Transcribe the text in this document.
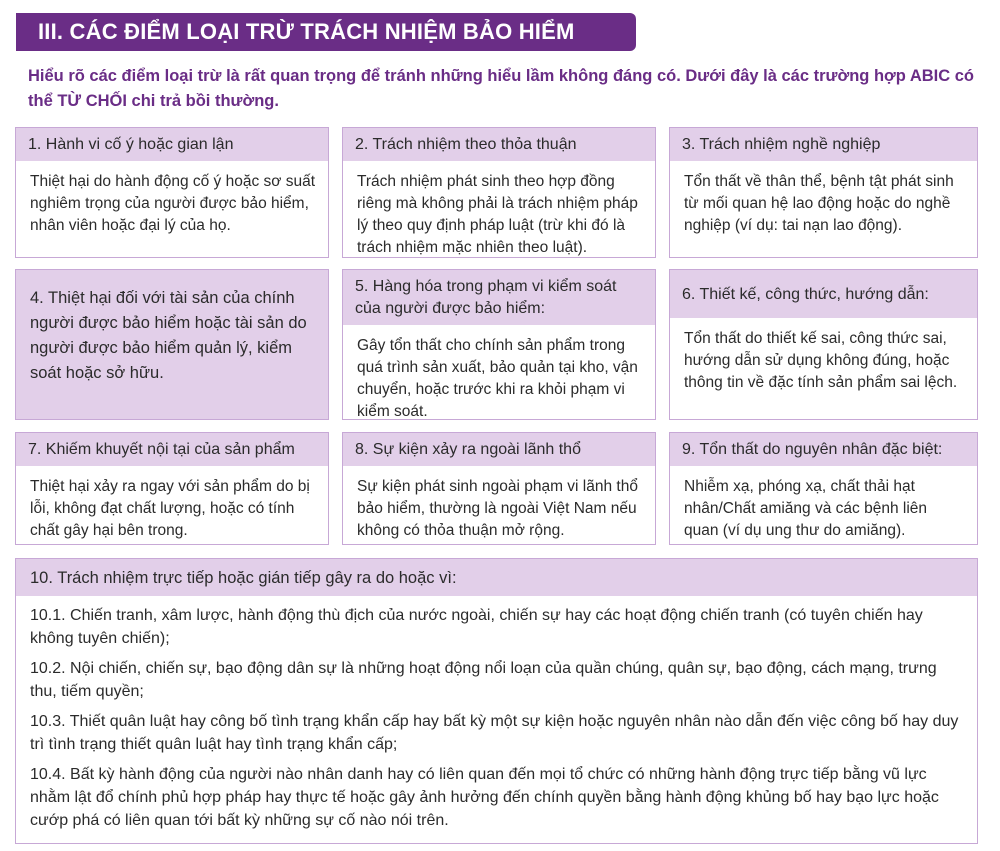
III. CÁC ĐIỂM LOẠI TRỪ TRÁCH NHIỆM BẢO HIỂM
Hiểu rõ các điểm loại trừ là rất quan trọng để tránh những hiểu lầm không đáng có. Dưới đây là các trường hợp ABIC có thể TỪ CHỐI chi trả bồi thường.
1. Hành vi cố ý hoặc gian lận
Thiệt hại do hành động cố ý hoặc sơ suất nghiêm trọng của người được bảo hiểm, nhân viên hoặc đại lý của họ.
2. Trách nhiệm theo thỏa thuận
Trách nhiệm phát sinh theo hợp đồng riêng mà không phải là trách nhiệm pháp lý theo quy định pháp luật (trừ khi đó là trách nhiệm mặc nhiên theo luật).
3. Trách nhiệm nghề nghiệp
Tổn thất về thân thể, bệnh tật phát sinh từ mối quan hệ lao động hoặc do nghề nghiệp (ví dụ: tai nạn lao động).
4. Thiệt hại đối với tài sản của chính người được bảo hiểm hoặc tài sản do người được bảo hiểm quản lý, kiểm soát hoặc sở hữu.
5. Hàng hóa trong phạm vi kiểm soát của người được bảo hiểm:
Gây tổn thất cho chính sản phẩm trong quá trình sản xuất, bảo quản tại kho, vận chuyển, hoặc trước khi ra khỏi phạm vi kiểm soát.
6. Thiết kế, công thức, hướng dẫn:
Tổn thất do thiết kế sai, công thức sai, hướng dẫn sử dụng không đúng, hoặc thông tin về đặc tính sản phẩm sai lệch.
7. Khiếm khuyết nội tại của sản phẩm
Thiệt hại xảy ra ngay với sản phẩm do bị lỗi, không đạt chất lượng, hoặc có tính chất gây hại bên trong.
8. Sự kiện xảy ra ngoài lãnh thổ
Sự kiện phát sinh ngoài phạm vi lãnh thổ bảo hiểm, thường là ngoài Việt Nam nếu không có thỏa thuận mở rộng.
9. Tổn thất do nguyên nhân đặc biệt:
Nhiễm xạ, phóng xạ, chất thải hạt nhân/Chất amiăng và các bệnh liên quan (ví dụ ung thư do amiăng).
10. Trách nhiệm trực tiếp hoặc gián tiếp gây ra do hoặc vì:

10.1. Chiến tranh, xâm lược, hành động thù địch của nước ngoài, chiến sự hay các hoạt động chiến tranh (có tuyên chiến hay không tuyên chiến);

10.2. Nội chiến, chiến sự, bạo động dân sự là những hoạt động nổi loạn của quần chúng, quân sự, bạo động, cách mạng, trưng thu, tiếm quyền;

10.3. Thiết quân luật hay công bố tình trạng khẩn cấp hay bất kỳ một sự kiện hoặc nguyên nhân nào dẫn đến việc công bố hay duy trì tình trạng thiết quân luật hay tình trạng khẩn cấp;

10.4. Bất kỳ hành động của người nào nhân danh hay có liên quan đến mọi tổ chức có những hành động trực tiếp bằng vũ lực nhằm lật đổ chính phủ hợp pháp hay thực tế hoặc gây ảnh hưởng đến chính quyền bằng hành động khủng bố hay bạo lực hoặc cướp phá có liên quan tới bất kỳ những sự cố nào nói trên.
